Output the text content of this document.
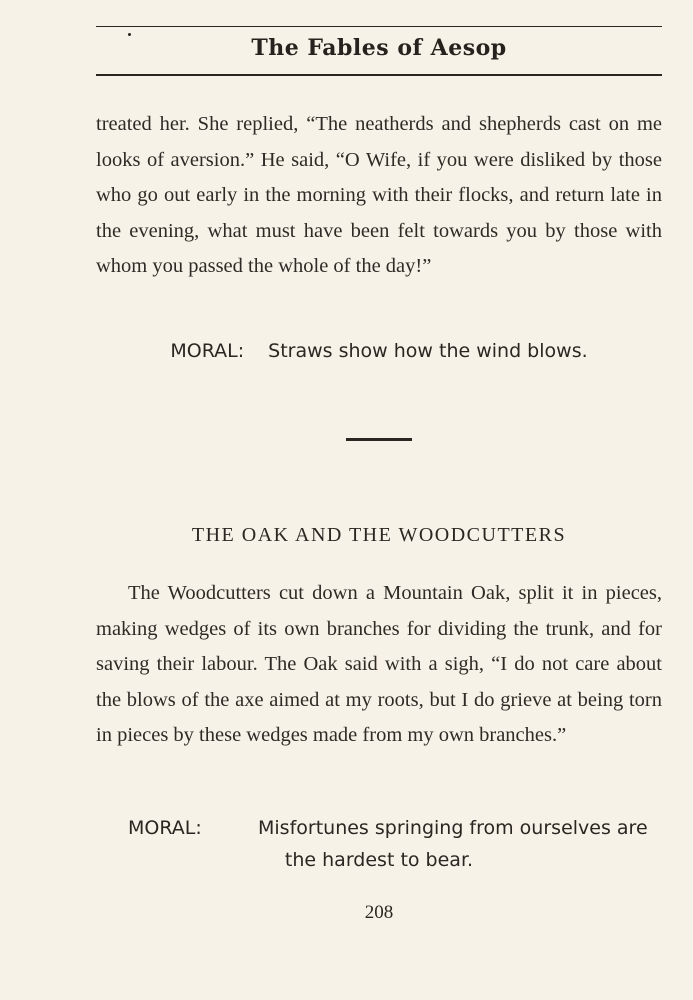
The Fables of Aesop
treated her. She replied, “The neatherds and shepherds cast on me looks of aversion.” He said, “O Wife, if you were disliked by those who go out early in the morning with their flocks, and return late in the evening, what must have been felt towards you by those with whom you passed the whole of the day!”
MORAL: Straws show how the wind blows.
THE OAK AND THE WOODCUTTERS
The Woodcutters cut down a Mountain Oak, split it in pieces, making wedges of its own branches for dividing the trunk, and for saving their labour. The Oak said with a sigh, “I do not care about the blows of the axe aimed at my roots, but I do grieve at being torn in pieces by these wedges made from my own branches.”
MORAL:	Misfortunes springing from ourselves are
the hardest to bear.
208
